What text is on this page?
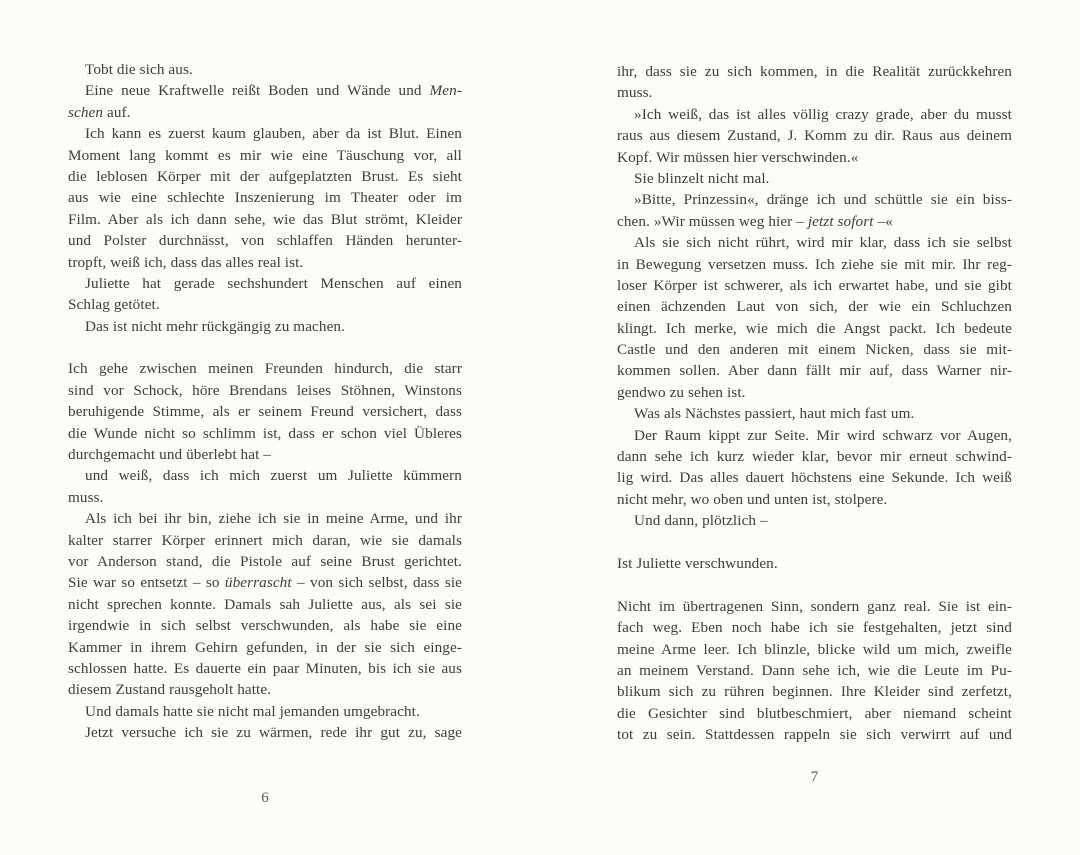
Tobt die sich aus.
Eine neue Kraftwelle reißt Boden und Wände und Men-
schen auf.
Ich kann es zuerst kaum glauben, aber da ist Blut. Einen
Moment lang kommt es mir wie eine Täuschung vor, all
die leblosen Körper mit der aufgeplatzten Brust. Es sieht
aus wie eine schlechte Inszenierung im Theater oder im
Film. Aber als ich dann sehe, wie das Blut strömt, Kleider
und Polster durchnässt, von schlaffen Händen herunter-
tropft, weiß ich, dass das alles real ist.
Juliette hat gerade sechshundert Menschen auf einen
Schlag getötet.
Das ist nicht mehr rückgängig zu machen.
Ich gehe zwischen meinen Freunden hindurch, die starr
sind vor Schock, höre Brendans leises Stöhnen, Winstons
beruhigende Stimme, als er seinem Freund versichert, dass
die Wunde nicht so schlimm ist, dass er schon viel Übleres
durchgemacht und überlebt hat –
und weiß, dass ich mich zuerst um Juliette kümmern
muss.
Als ich bei ihr bin, ziehe ich sie in meine Arme, und ihr
kalter starrer Körper erinnert mich daran, wie sie damals
vor Anderson stand, die Pistole auf seine Brust gerichtet.
Sie war so entsetzt – so überrascht – von sich selbst, dass sie
nicht sprechen konnte. Damals sah Juliette aus, als sei sie
irgendwie in sich selbst verschwunden, als habe sie eine
Kammer in ihrem Gehirn gefunden, in der sie sich einge-
schlossen hatte. Es dauerte ein paar Minuten, bis ich sie aus
diesem Zustand rausgeholt hatte.
Und damals hatte sie nicht mal jemanden umgebracht.
Jetzt versuche ich sie zu wärmen, rede ihr gut zu, sage
6
ihr, dass sie zu sich kommen, in die Realität zurückkehren
muss.
»Ich weiß, das ist alles völlig crazy grade, aber du musst
raus aus diesem Zustand, J. Komm zu dir. Raus aus deinem
Kopf. Wir müssen hier verschwinden.«
Sie blinzelt nicht mal.
»Bitte, Prinzessin«, dränge ich und schüttle sie ein biss-
chen. »Wir müssen weg hier – jetzt sofort –«
Als sie sich nicht rührt, wird mir klar, dass ich sie selbst
in Bewegung versetzen muss. Ich ziehe sie mit mir. Ihr reg-
loser Körper ist schwerer, als ich erwartet habe, und sie gibt
einen ächzenden Laut von sich, der wie ein Schluchzen
klingt. Ich merke, wie mich die Angst packt. Ich bedeute
Castle und den anderen mit einem Nicken, dass sie mit-
kommen sollen. Aber dann fällt mir auf, dass Warner nir-
gendwo zu sehen ist.
Was als Nächstes passiert, haut mich fast um.
Der Raum kippt zur Seite. Mir wird schwarz vor Augen,
dann sehe ich kurz wieder klar, bevor mir erneut schwind-
lig wird. Das alles dauert höchstens eine Sekunde. Ich weiß
nicht mehr, wo oben und unten ist, stolpere.
Und dann, plötzlich –
Ist Juliette verschwunden.
Nicht im übertragenen Sinn, sondern ganz real. Sie ist ein-
fach weg. Eben noch habe ich sie festgehalten, jetzt sind
meine Arme leer. Ich blinzle, blicke wild um mich, zweifle
an meinem Verstand. Dann sehe ich, wie die Leute im Pu-
blikum sich zu rühren beginnen. Ihre Kleider sind zerfetzt,
die Gesichter sind blutbeschmiert, aber niemand scheint
tot zu sein. Stattdessen rappeln sie sich verwirrt auf und
7
